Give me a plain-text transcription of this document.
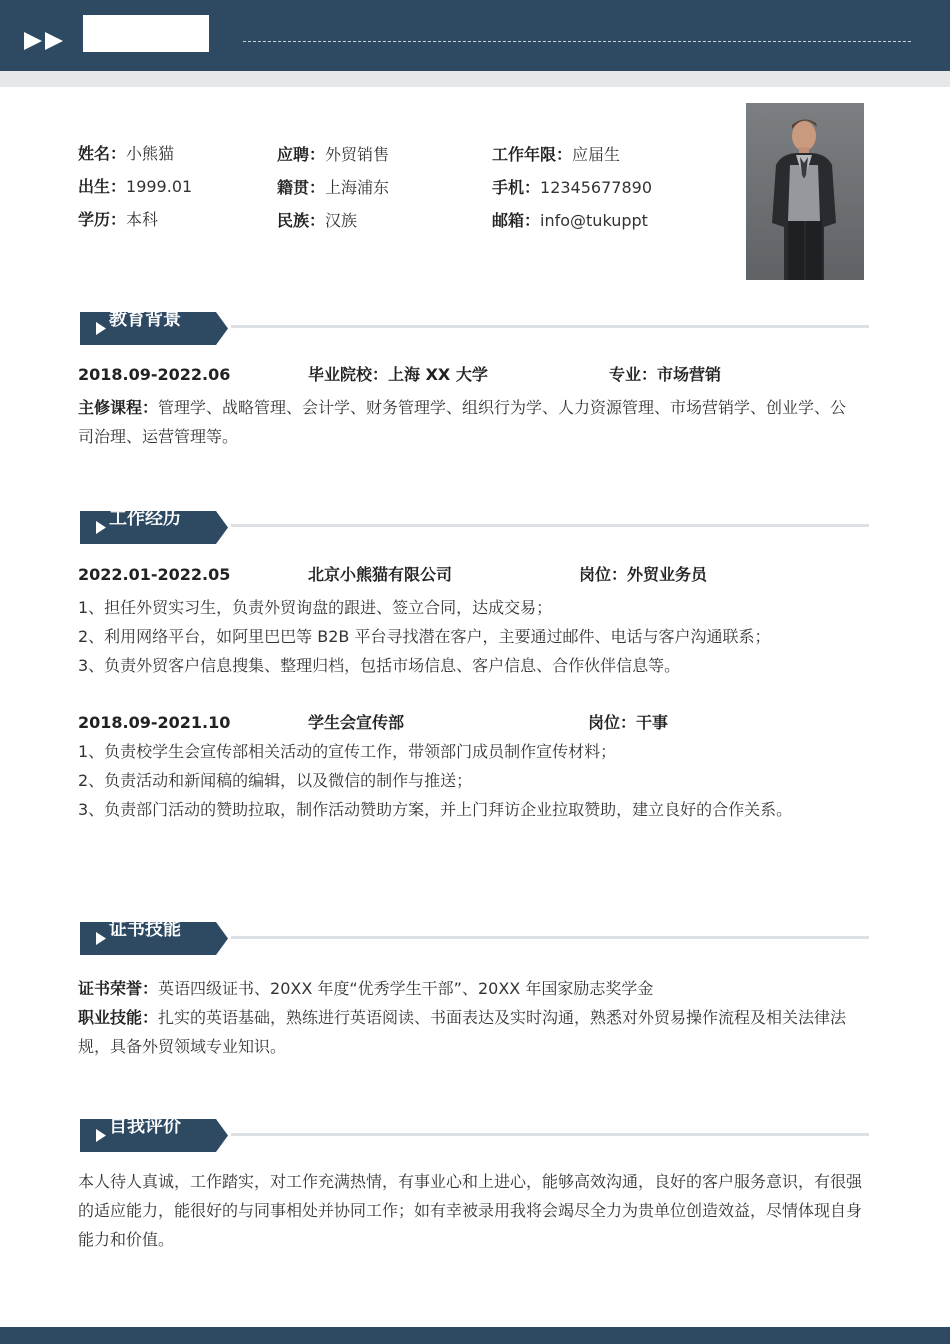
姓名：小熊猫	应聘：外贸销售	工作年限：应届生
出生：1999.01	籍贯：上海浦东	手机：12345677890
学历：本科	民族：汉族	邮箱：info@tukuppt
教育背景
2018.09-2022.06	毕业院校：上海 XX 大学	专业：市场营销
主修课程：管理学、战略管理、会计学、财务管理学、组织行为学、人力资源管理、市场营销学、创业学、公司治理、运营管理等。
工作经历
2022.01-2022.05	北京小熊猫有限公司	岗位：外贸业务员
1、担任外贸实习生，负责外贸询盘的跟进、签立合同，达成交易；
2、利用网络平台，如阿里巴巴等 B2B 平台寻找潜在客户，主要通过邮件、电话与客户沟通联系；
3、负责外贸客户信息搜集、整理归档，包括市场信息、客户信息、合作伙伴信息等。
2018.09-2021.10	学生会宣传部	岗位：干事
1、负责校学生会宣传部相关活动的宣传工作，带领部门成员制作宣传材料；
2、负责活动和新闻稿的编辑，以及微信的制作与推送；
3、负责部门活动的赞助拉取，制作活动赞助方案，并上门拜访企业拉取赞助，建立良好的合作关系。
证书技能
证书荣誉：英语四级证书、20XX 年度“优秀学生干部”、20XX 年国家励志奖学金
职业技能：扎实的英语基础，熟练进行英语阅读、书面表达及实时沟通，熟悉对外贸易操作流程及相关法律法规，具备外贸领域专业知识。
自我评价
本人待人真诚，工作踏实，对工作充满热情，有事业心和上进心，能够高效沟通，良好的客户服务意识，有很强的适应能力，能很好的与同事相处并协同工作；如有幸被录用我将会竭尽全力为贵单位创造效益，尽情体现自身能力和价值。
